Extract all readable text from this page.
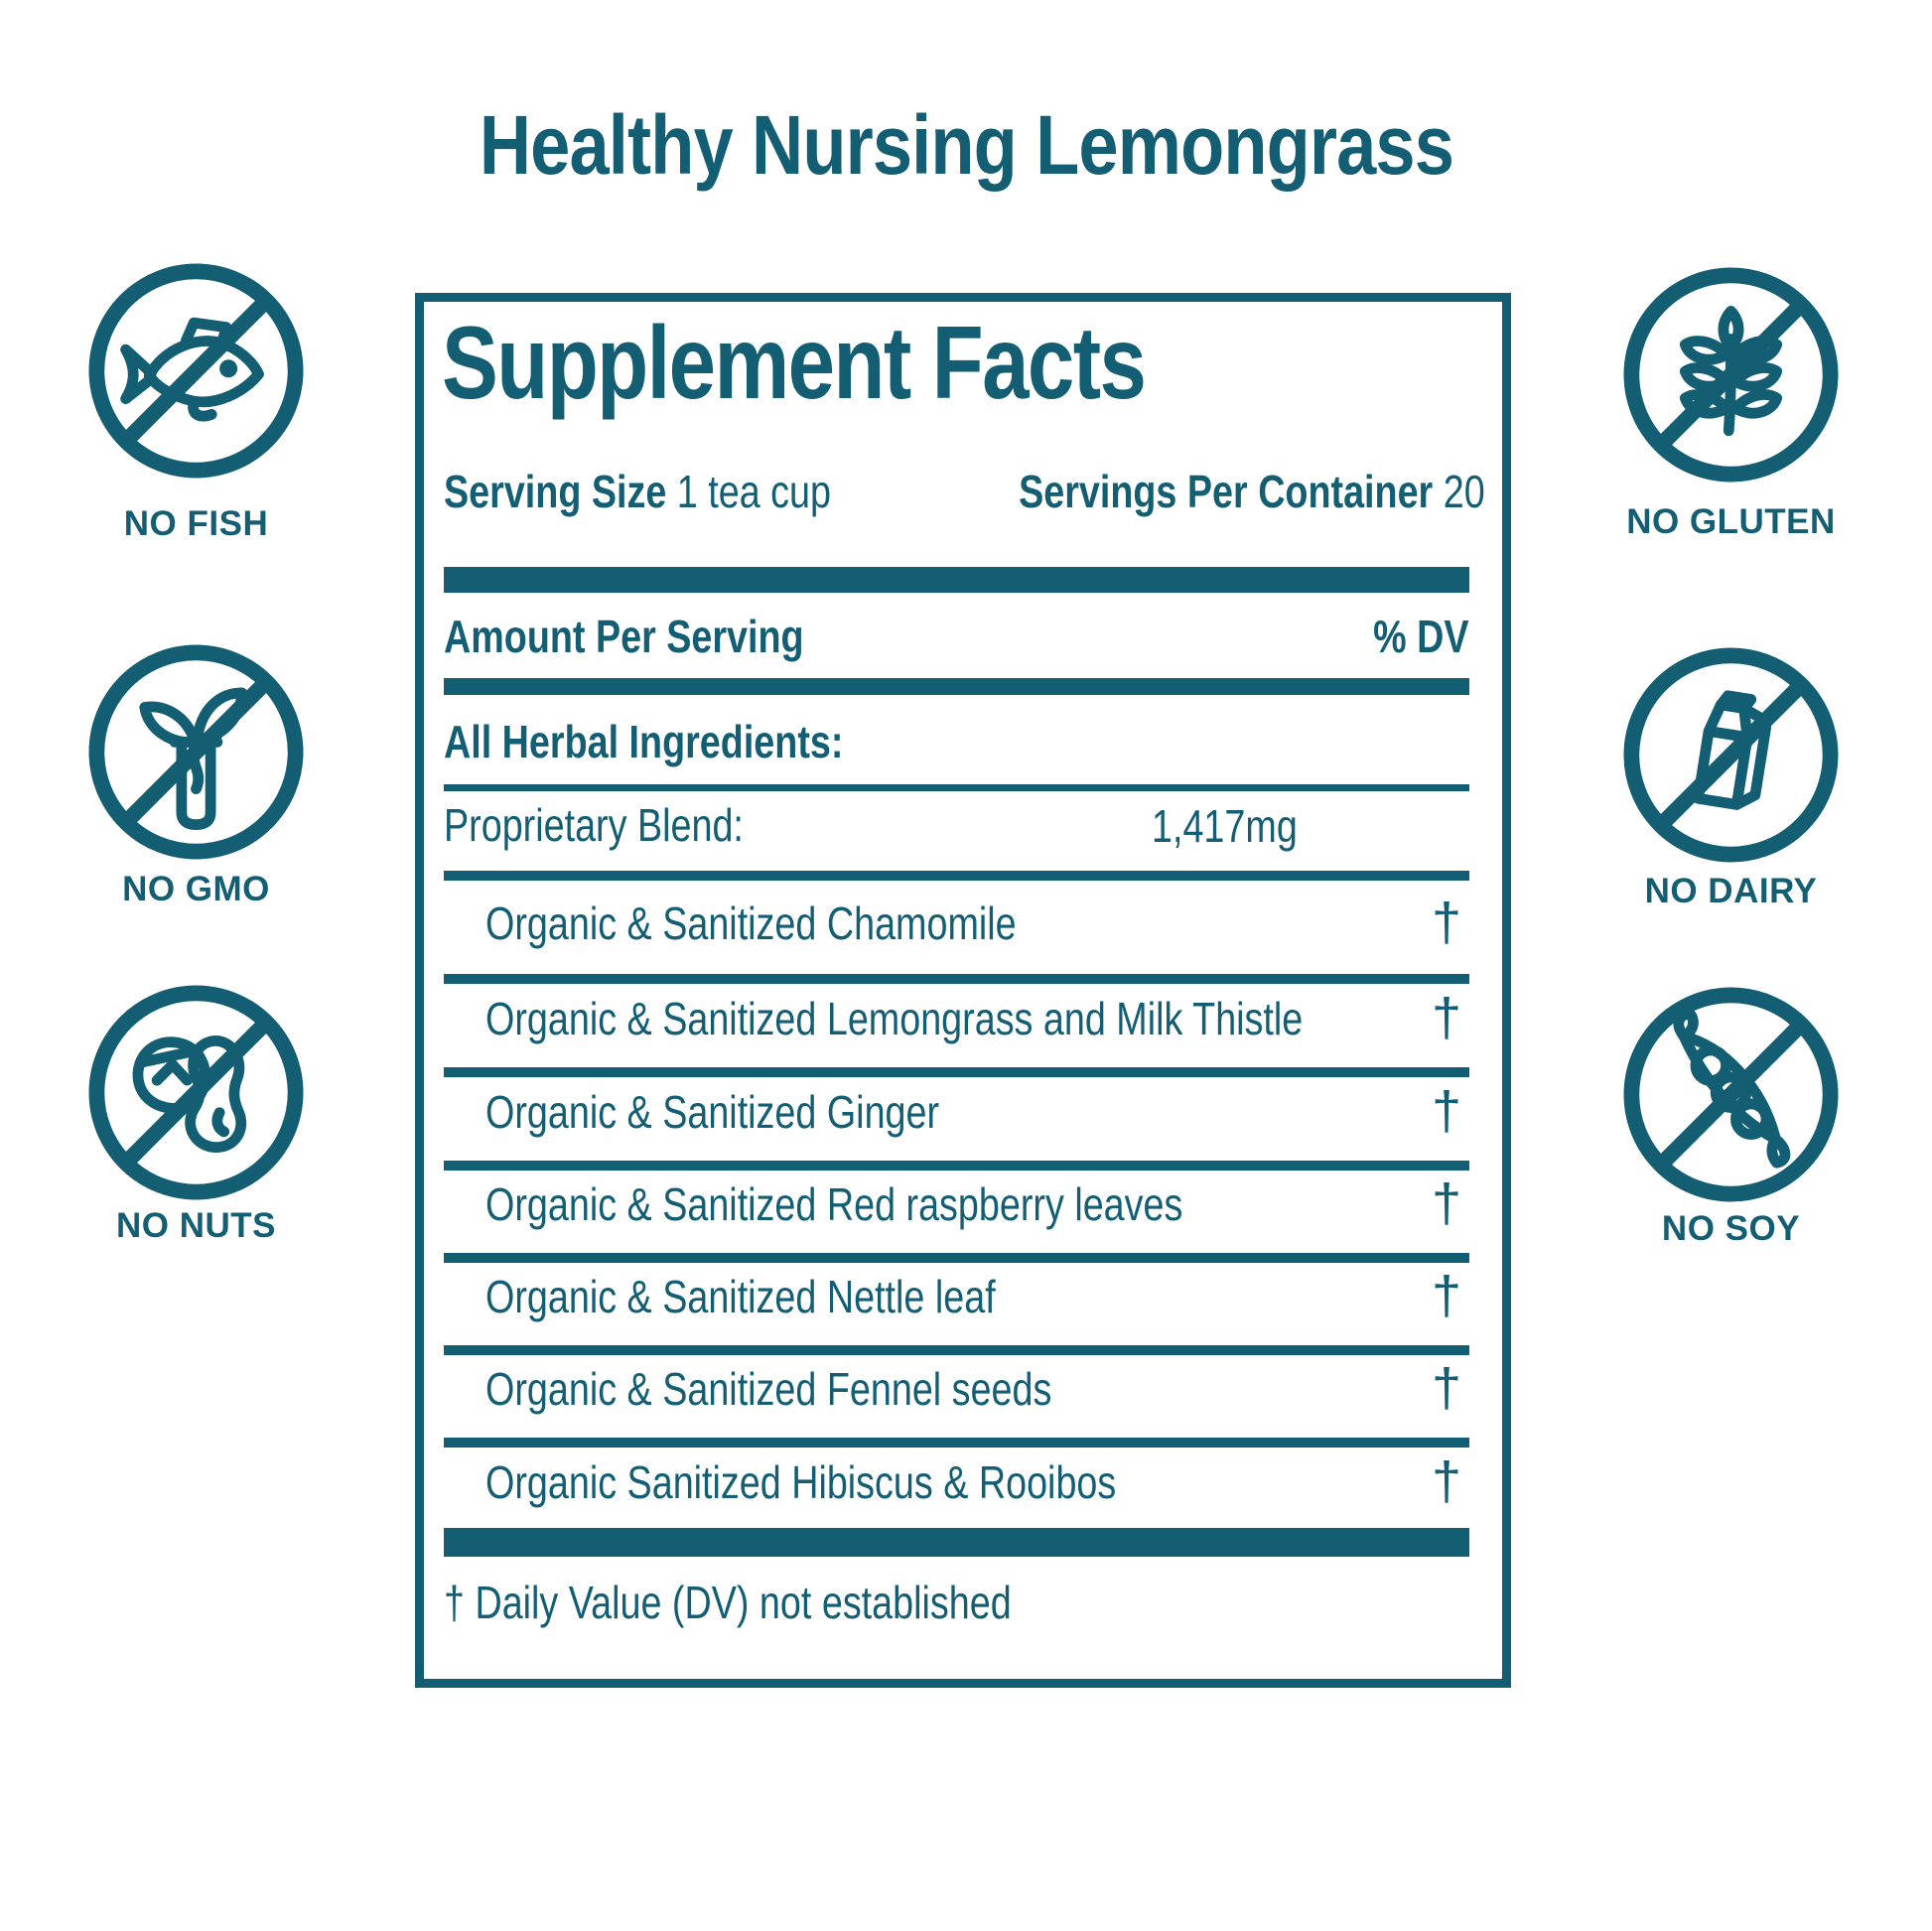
Healthy Nursing Lemongrass
Supplement Facts
Serving Size 1 tea cup	Servings Per Container 20
Amount Per Serving	% DV
All Herbal Ingredients:
Proprietary Blend:	1,417mg
Organic & Sanitized Chamomile	†
Organic & Sanitized Lemongrass and Milk Thistle †
Organic & Sanitized Ginger	†
Organic & Sanitized Red raspberry leaves	†
Organic & Sanitized Nettle leaf	†
Organic & Sanitized Fennel seeds	†
Organic Sanitized Hibiscus & Rooibos	†
† Daily Value (DV) not established
NO FISH
NO GMO
NO NUTS
NO GLUTEN
NO DAIRY
NO SOY
